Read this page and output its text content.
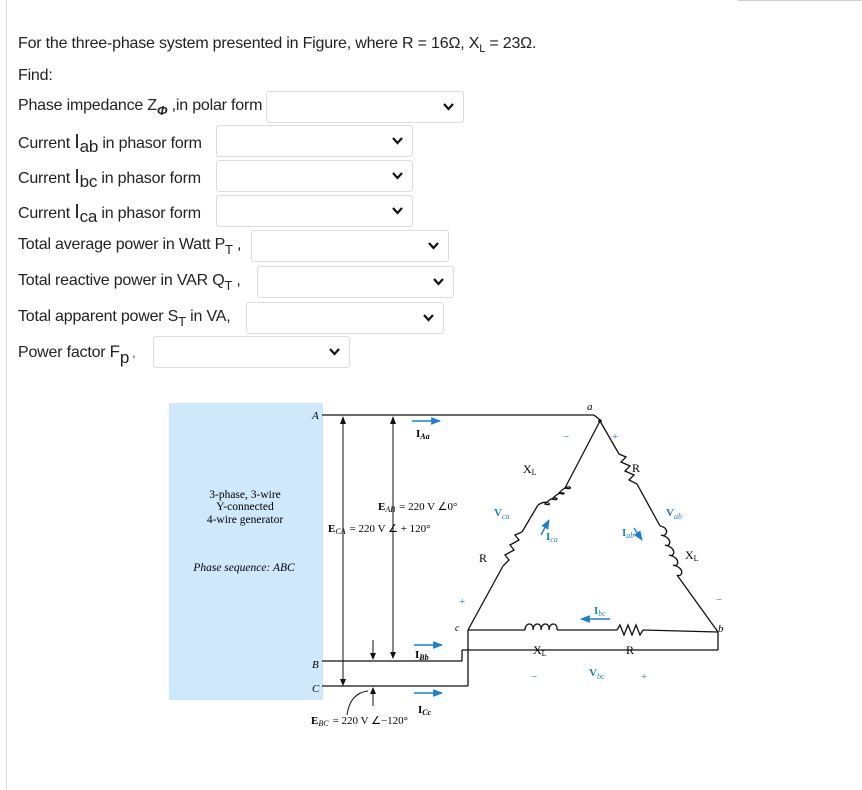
For the three-phase system presented in Figure, where R = 16Ω, $X_L = 23\Omega$.
Find:
Phase impedance $Z_\Phi$ ,in polar form
Current Iab in phasor form
Current Ibc in phasor form
Current Ica in phasor form
Total average power in Watt $P_T$ ,
Total reactive power in VAR $Q_T$ ,
Total apparent power $S_T$ in VA,
Power factor Fp ,
3-phase, 3-wire
Y-connected
4-wire generator
Phase sequence: ABC
A
B
C
IAa
IBb
ICc
EAB = 220 V ∠0°
ECA = 220 V ∠ + 120°
EBC = 220 V ∠−120°
a
c	b
XL
R
R
XL
XL	R
$V_{ca}$	$V_{ab}$
$V_{bc}$
Ica
Iab
Ibc
−	+
+
−	+
−
